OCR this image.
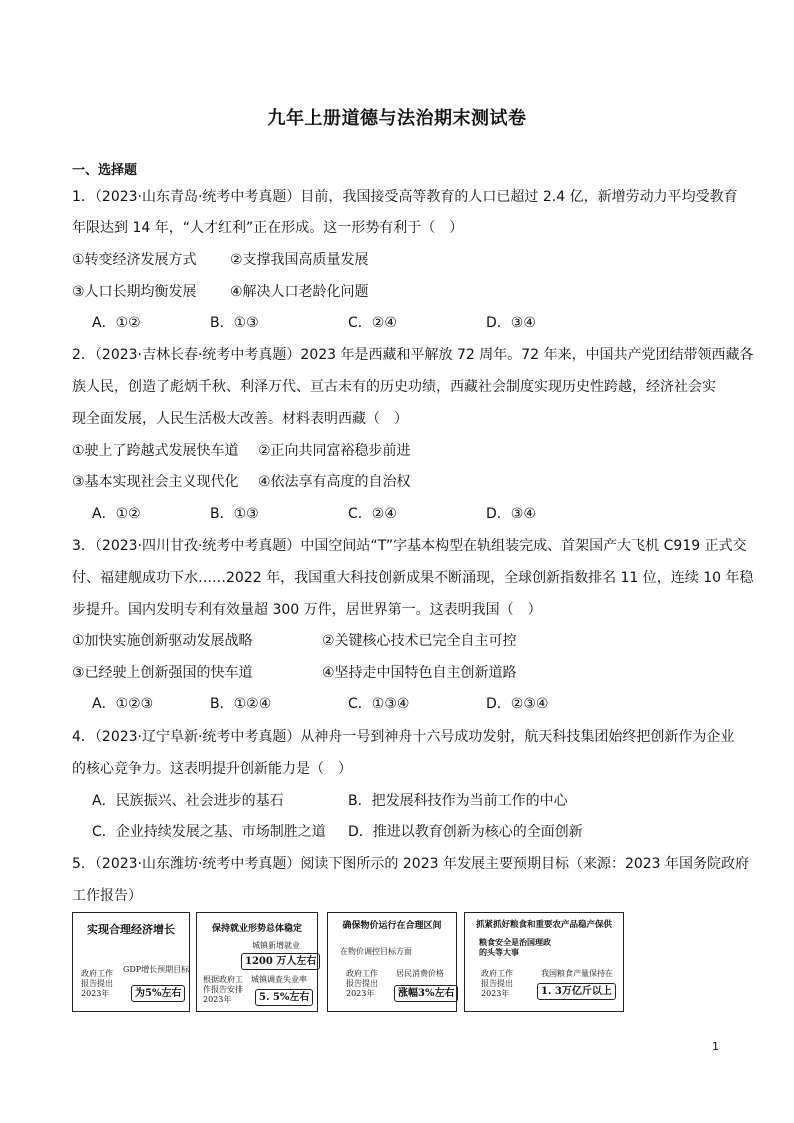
九年上册道德与法治期末测试卷
一、选择题
1．（2023·山东青岛·统考中考真题）目前，我国接受高等教育的人口已超过 2.4 亿，新增劳动力平均受教育
年限达到 14 年，“人才红利”正在形成。这一形势有利于（　）
①转变经济发展方式 ②支撑我国高质量发展
③人口长期均衡发展 ④解决人口老龄化问题
A．①②	B．①③	C．②④	D．③④
2．（2023·吉林长春·统考中考真题）2023 年是西藏和平解放 72 周年。72 年来，中国共产党团结带领西藏各
族人民，创造了彪炳千秋、利泽万代、亘古未有的历史功绩，西藏社会制度实现历史性跨越，经济社会实
现全面发展，人民生活极大改善。材料表明西藏（　）
①驶上了跨越式发展快车道 ②正向共同富裕稳步前进
③基本实现社会主义现代化 ④依法享有高度的自治权
A．①②	B．①③	C．②④	D．③④
3．（2023·四川甘孜·统考中考真题）中国空间站“T”字基本构型在轨组装完成、首架国产大飞机 C919 正式交
付、福建舰成功下水……2022 年，我国重大科技创新成果不断涌现，全球创新指数排名 11 位，连续 10 年稳
步提升。国内发明专利有效量超 300 万件，居世界第一。这表明我国（　）
①加快实施创新驱动发展战略	②关键核心技术已完全自主可控
③已经驶上创新强国的快车道	④坚持走中国特色自主创新道路
A．①②③	B．①②④	C．①③④	D．②③④
4．（2023·辽宁阜新·统考中考真题）从神舟一号到神舟十六号成功发射，航天科技集团始终把创新作为企业
的核心竞争力。这表明提升创新能力是（　）
A．民族振兴、社会进步的基石	B．把发展科技作为当前工作的中心
C．企业持续发展之基、市场制胜之道 D．推进以教育创新为核心的全面创新
5．（2023·山东潍坊·统考中考真题）阅读下图所示的 2023 年发展主要预期目标（来源：2023 年国务院政府
工作报告）
实现合理经济增长
政府工作
报告提出
2023年
GDP增长预期目标
为5%左右
保持就业形势总体稳定
城镇新增就业
1200 万人左右
根据政府工
作报告安排
2023年
城镇调查失业率
5. 5%左右
确保物价运行在合理区间
在物价调控目标方面
政府工作
报告提出
2023年
居民消费价格
涨幅3%左右
抓紧抓好粮食和重要农产品稳产保供
粮食安全是治国理政
的头等大事
政府工作
报告提出
2023年
我国粮食产量保持在
1. 3万亿斤以上
1
